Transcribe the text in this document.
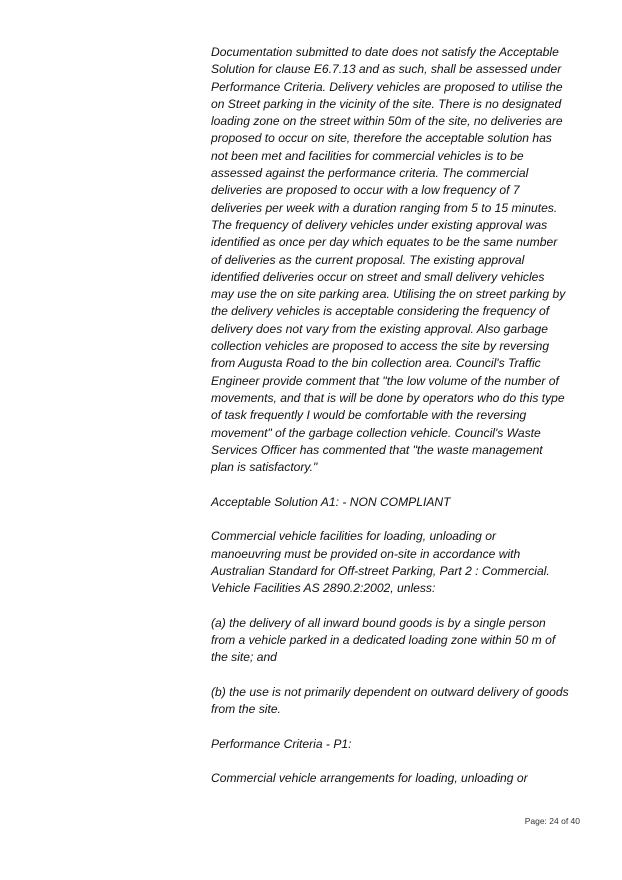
Documentation submitted to date does not satisfy the Acceptable
Solution for clause E6.7.13 and as such, shall be assessed under
Performance Criteria. Delivery vehicles are proposed to utilise the
on Street parking in the vicinity of the site. There is no designated
loading zone on the street within 50m of the site, no deliveries are
proposed to occur on site, therefore the acceptable solution has
not been met and facilities for commercial vehicles is to be
assessed against the performance criteria. The commercial
deliveries are proposed to occur with a low frequency of 7
deliveries per week with a duration ranging from 5 to 15 minutes.
The frequency of delivery vehicles under existing approval was
identified as once per day which equates to be the same number
of deliveries as the current proposal. The existing approval
identified deliveries occur on street and small delivery vehicles
may use the on site parking area. Utilising the on street parking by
the delivery vehicles is acceptable considering the frequency of
delivery does not vary from the existing approval. Also garbage
collection vehicles are proposed to access the site by reversing
from Augusta Road to the bin collection area. Council's Traffic
Engineer provide comment that "the low volume of the number of
movements, and that is will be done by operators who do this type
of task frequently I would be comfortable with the reversing
movement" of the garbage collection vehicle. Council's Waste
Services Officer has commented that "the waste management
plan is satisfactory."

Acceptable Solution A1: - NON COMPLIANT

Commercial vehicle facilities for loading, unloading or
manoeuvring must be provided on-site in accordance with
Australian Standard for Off-street Parking, Part 2 : Commercial.
Vehicle Facilities AS 2890.2:2002, unless:

(a) the delivery of all inward bound goods is by a single person
from a vehicle parked in a dedicated loading zone within 50 m of
the site; and

(b) the use is not primarily dependent on outward delivery of goods
from the site.

Performance Criteria - P1:

Commercial vehicle arrangements for loading, unloading or

Page: 24 of 40
